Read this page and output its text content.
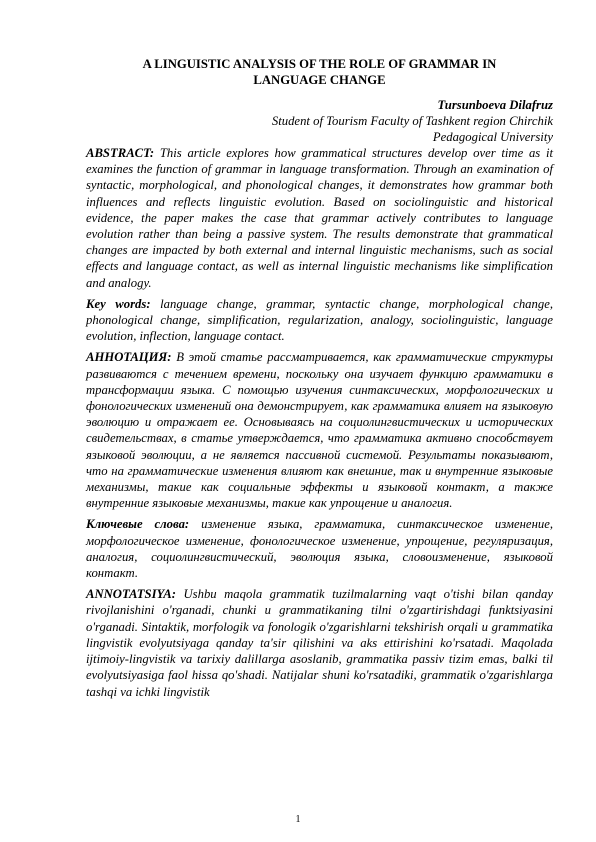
A LINGUISTIC ANALYSIS OF THE ROLE OF GRAMMAR IN
LANGUAGE CHANGE
Tursunboeva Dilafruz
Student of Tourism Faculty of Tashkent region Chirchik
Pedagogical University

ABSTRACT: This article explores how grammatical structures develop over time as it examines the function of grammar in language transformation. Through an examination of syntactic, morphological, and phonological changes, it demonstrates how grammar both influences and reflects linguistic evolution. Based on sociolinguistic and historical evidence, the paper makes the case that grammar actively contributes to language evolution rather than being a passive system. The results demonstrate that grammatical changes are impacted by both external and internal linguistic mechanisms, such as social effects and language contact, as well as internal linguistic mechanisms like simplification and analogy.

Key words: language change, grammar, syntactic change, morphological change, phonological change, simplification, regularization, analogy, sociolinguistic, language evolution, inflection, language contact.

АННОТАЦИЯ: В этой статье рассматривается, как грамматические структуры развиваются с течением времени, поскольку она изучает функцию грамматики в трансформации языка. С помощью изучения синтаксических, морфологических и фонологических изменений она демонстрирует, как грамматика влияет на языковую эволюцию и отражает ее. Основываясь на социолингвистических и исторических свидетельствах, в статье утверждается, что грамматика активно способствует языковой эволюции, а не является пассивной системой. Результаты показывают, что на грамматические изменения влияют как внешние, так и внутренние языковые механизмы, такие как социальные эффекты и языковой контакт, а также внутренние языковые механизмы, такие как упрощение и аналогия.

Ключевые слова: изменение языка, грамматика, синтаксическое изменение, морфологическое изменение, фонологическое изменение, упрощение, регуляризация, аналогия, социолингвистический, эволюция языка, словоизменение, языковой контакт.

ANNOTATSIYA: Ushbu maqola grammatik tuzilmalarning vaqt o'tishi bilan qanday rivojlanishini o'rganadi, chunki u grammatikaning tilni o'zgartirishdagi funktsiyasini o'rganadi. Sintaktik, morfologik va fonologik o'zgarishlarni tekshirish orqali u grammatika lingvistik evolyutsiyaga qanday ta'sir qilishini va aks ettirishini ko'rsatadi. Maqolada ijtimoiy-lingvistik va tarixiy dalillarga asoslanib, grammatika passiv tizim emas, balki til evolyutsiyasiga faol hissa qo'shadi. Natijalar shuni ko'rsatadiki, grammatik o'zgarishlarga tashqi va ichki lingvistik

1
